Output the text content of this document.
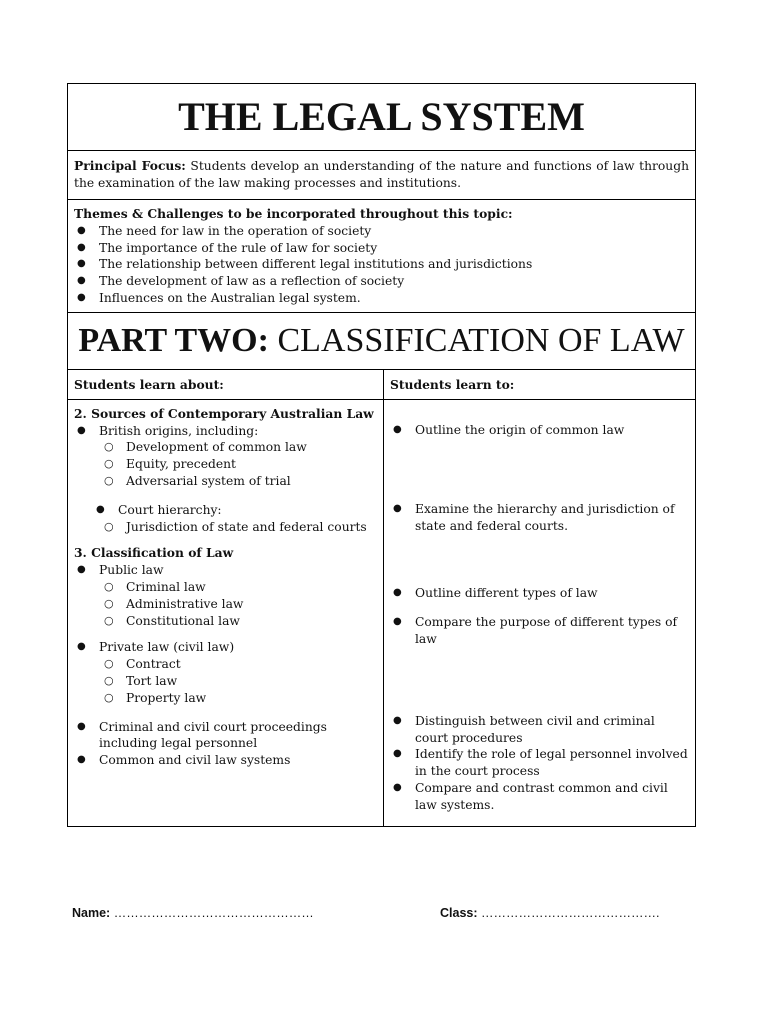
THE LEGAL SYSTEM
Principal Focus: Students develop an understanding of the nature and functions of law through the examination of the law making processes and institutions.
Themes & Challenges to be incorporated throughout this topic:
● The need for law in the operation of society
● The importance of the rule of law for society
● The relationship between different legal institutions and jurisdictions
● The development of law as a reflection of society
● Influences on the Australian legal system.
PART TWO: CLASSIFICATION OF LAW
Students learn about:
2. Sources of Contemporary Australian Law
● British origins, including:
○ Development of common law
○ Equity, precedent
○ Adversarial system of trial
● Court hierarchy:
○ Jurisdiction of state and federal courts
3. Classification of Law
● Public law
○ Criminal law
○ Administrative law
○ Constitutional law
● Private law (civil law)
○ Contract
○ Tort law
○ Property law
● Criminal and civil court proceedings including legal personnel
● Common and civil law systems
Students learn to:
● Outline the origin of common law
● Examine the hierarchy and jurisdiction of state and federal courts.
● Outline different types of law
● Compare the purpose of different types of law
● Distinguish between civil and criminal court procedures
● Identify the role of legal personnel involved in the court process
● Compare and contrast common and civil law systems.
Name: …………………………………………	Class: …………………………………….
